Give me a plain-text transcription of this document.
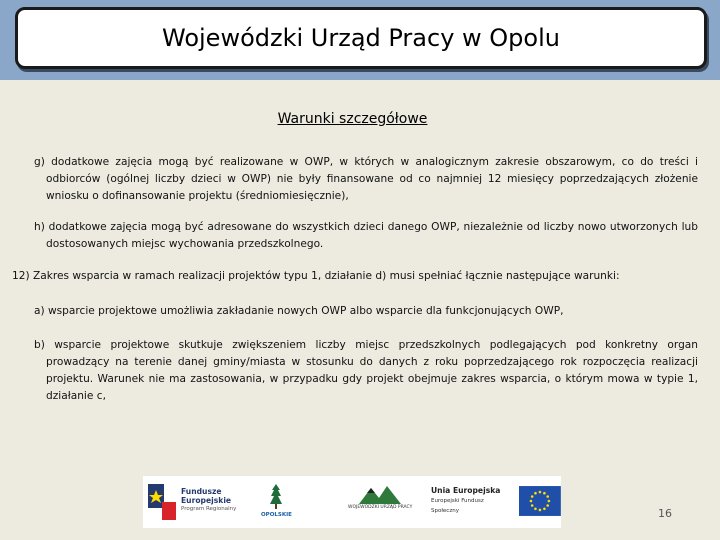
Wojewódzki Urząd Pracy w Opolu
Warunki szczegółowe
g) dodatkowe zajęcia mogą być realizowane w OWP, w których w analogicznym zakresie obszarowym, co do treści i odbiorców (ogólnej liczby dzieci w OWP) nie były finansowane od co najmniej 12 miesięcy poprzedzających złożenie wniosku o dofinansowanie projektu (średniomiesięcznie),
h) dodatkowe zajęcia mogą być adresowane do wszystkich dzieci danego OWP, niezależnie od liczby nowo utworzonych lub dostosowanych miejsc wychowania przedszkolnego.
12) Zakres wsparcia w ramach realizacji projektów typu 1, działanie d) musi spełniać łącznie następujące warunki:
a) wsparcie projektowe umożliwia zakładanie nowych OWP albo wsparcie dla funkcjonujących OWP,
b) wsparcie projektowe skutkuje zwiększeniem liczby miejsc przedszkolnych podlegających pod konkretny organ prowadzący na terenie danej gminy/miasta w stosunku do danych z roku poprzedzającego rok rozpoczęcia realizacji projektu. Warunek nie ma zastosowania, w przypadku gdy projekt obejmuje zakres wsparcia, o którym mowa w typie 1, działanie c,
Fundusze
Europejskie
Program Regionalny
OPOLSKIE
WOJEWÓDZKI URZĄD PRACY
Unia Europejska
Europejski Fundusz Społeczny	16
